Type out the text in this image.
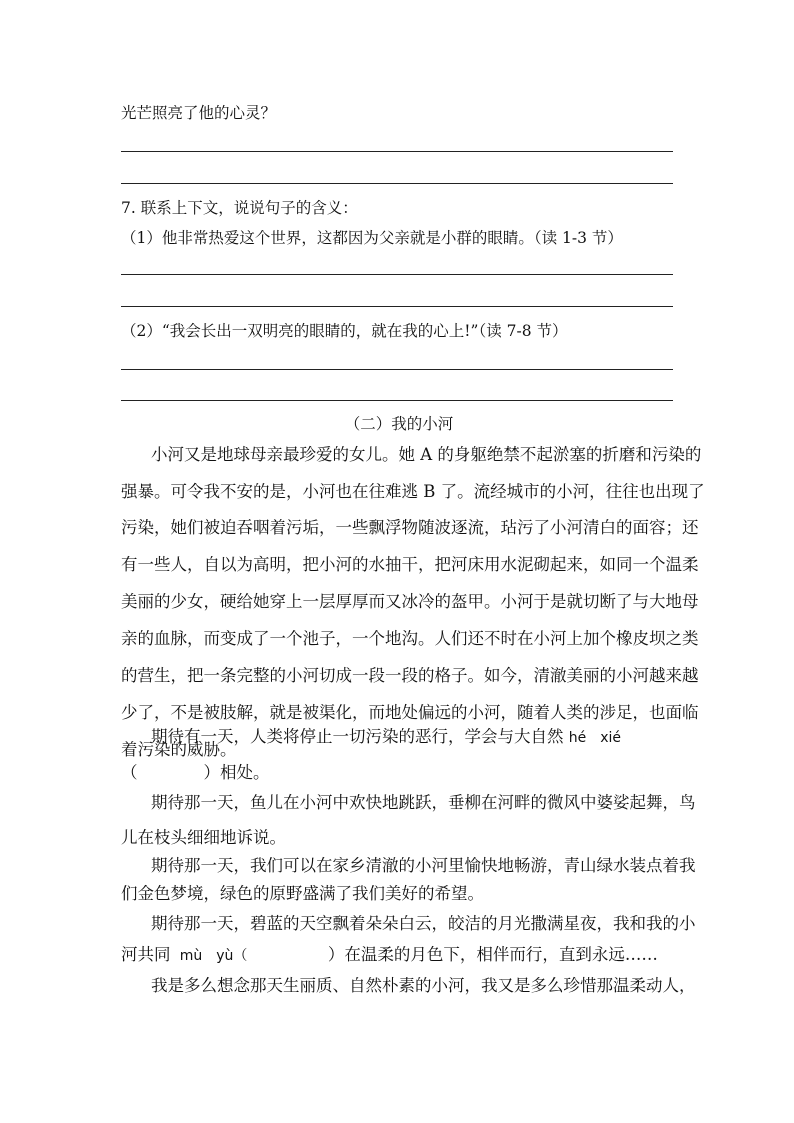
光芒照亮了他的心灵？
7. 联系上下文，说说句子的含义：
（1）他非常热爱这个世界，这都因为父亲就是小群的眼睛。（读 1-3 节）
（2）“我会长出一双明亮的眼睛的，就在我的心上!”（读 7-8 节）
（二）我的小河
小河又是地球母亲最珍爱的女儿。她 A 的身躯绝禁不起淤塞的折磨和污染的
强暴。可令我不安的是，小河也在往难逃 B 了。流经城市的小河，往往也出现了
污染，她们被迫吞咽着污垢，一些飘浮物随波逐流，玷污了小河清白的面容；还
有一些人，自以为高明，把小河的水抽干，把河床用水泥砌起来，如同一个温柔
美丽的少女，硬给她穿上一层厚厚而又冰冷的盔甲。小河于是就切断了与大地母
亲的血脉，而变成了一个池子，一个地沟。人们还不时在小河上加个橡皮坝之类
的营生，把一条完整的小河切成一段一段的格子。如今，清澈美丽的小河越来越
少了，不是被肢解，就是被渠化，而地处偏远的小河，随着人类的涉足，也面临
着污染的威胁。
期待有一天，人类将停止一切污染的恶行，学会与大自然 hé　xié
（　　　　）相处。
期待那一天，鱼儿在小河中欢快地跳跃，垂柳在河畔的微风中婆娑起舞，鸟
儿在枝头细细地诉说。
期待那一天，我们可以在家乡清澈的小河里愉快地畅游，青山绿水装点着我
们金色梦境，绿色的原野盛满了我们美好的希望。
期待那一天，碧蓝的天空飘着朵朵白云，皎洁的月光撒满星夜，我和我的小
河共同 mù　yù（	）在温柔的月色下，相伴而行，直到永远……
我是多么想念那天生丽质、自然朴素的小河，我又是多么珍惜那温柔动人，
